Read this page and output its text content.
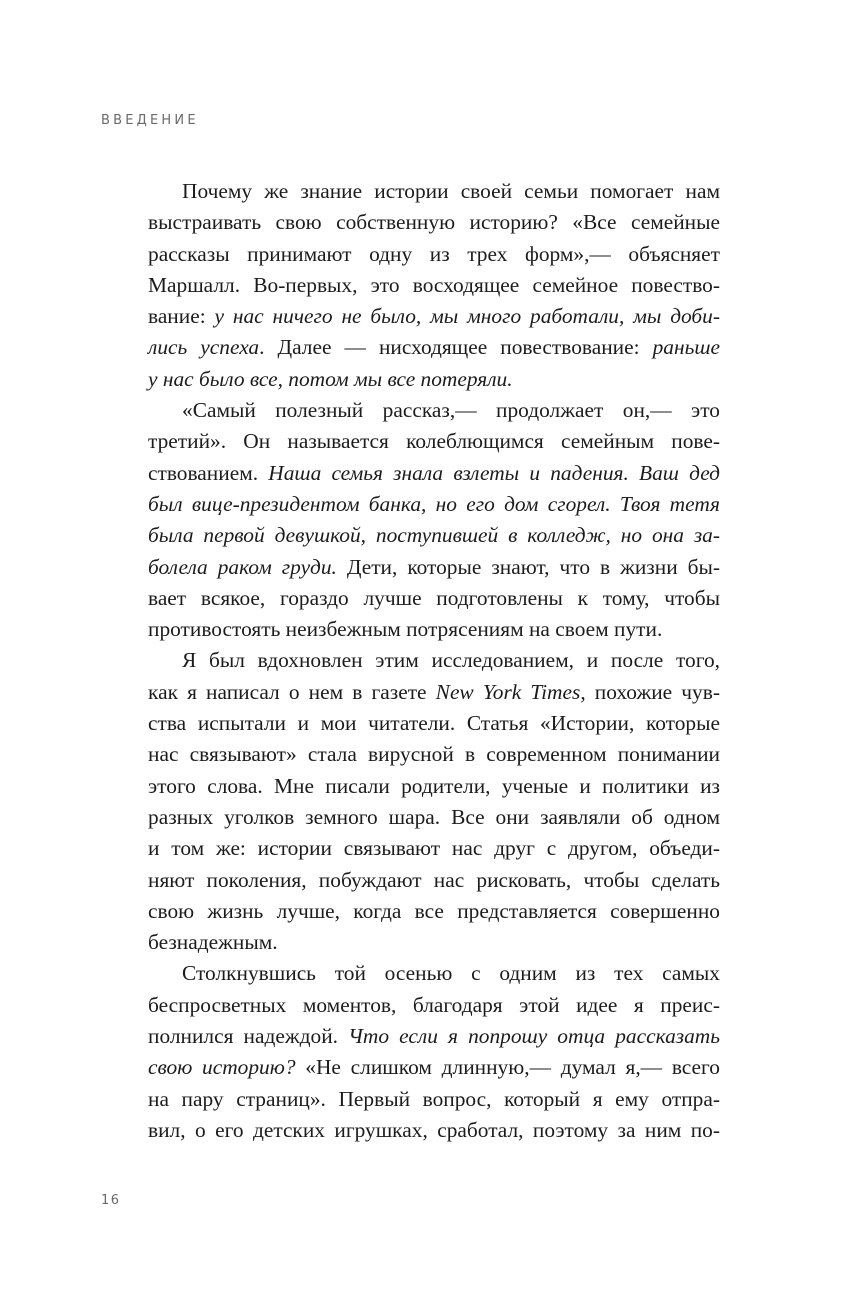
ВВЕДЕНИЕ
Почему же знание истории своей семьи помогает нам
выстраивать свою собственную историю? «Все семейные
рассказы принимают одну из трех форм»,— объясняет
Маршалл. Во-первых, это восходящее семейное повество-
вание: у нас ничего не было, мы много работали, мы доби-
лись успеха. Далее — нисходящее повествование: раньше
у нас было все, потом мы все потеряли.
«Самый полезный рассказ,— продолжает он,— это
третий». Он называется колеблющимся семейным пове-
ствованием. Наша семья знала взлеты и падения. Ваш дед
был вице-президентом банка, но его дом сгорел. Твоя тетя
была первой девушкой, поступившей в колледж, но она за-
болела раком груди. Дети, которые знают, что в жизни бы-
вает всякое, гораздо лучше подготовлены к тому, чтобы
противостоять неизбежным потрясениям на своем пути.
Я был вдохновлен этим исследованием, и после того,
как я написал о нем в газете New York Times, похожие чув-
ства испытали и мои читатели. Статья «Истории, которые
нас связывают» стала вирусной в современном понимании
этого слова. Мне писали родители, ученые и политики из
разных уголков земного шара. Все они заявляли об одном
и том же: истории связывают нас друг с другом, объеди-
няют поколения, побуждают нас рисковать, чтобы сделать
свою жизнь лучше, когда все представляется совершенно
безнадежным.
Столкнувшись той осенью с одним из тех самых
беспросветных моментов, благодаря этой идее я преис-
полнился надеждой. Что если я попрошу отца рассказать
свою историю? «Не слишком длинную,— думал я,— всего
на пару страниц». Первый вопрос, который я ему отпра-
вил, о его детских игрушках, сработал, поэтому за ним по-
16
